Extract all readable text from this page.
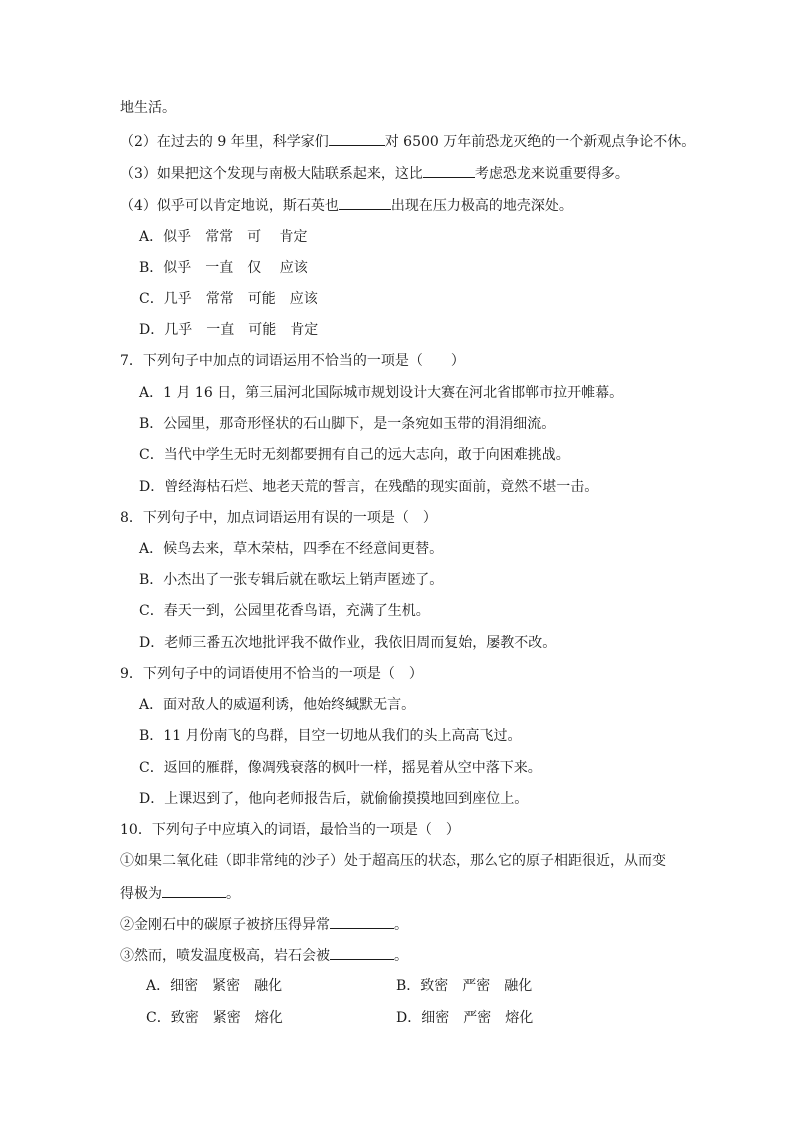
地生活。
（2）在过去的 9 年里，科学家们	对 6500 万年前恐龙灭绝的一个新观点争论不休。
（3）如果把这个发现与南极大陆联系起来，这比	考虑恐龙来说重要得多。
（4）似乎可以肯定地说，斯石英也	出现在压力极高的地壳深处。
A．似乎　常常　可　 肯定
B．似乎　一直　仅　 应该
C．几乎　常常　可能　应该
D．几乎　一直　可能　肯定
7．下列句子中加点的词语运用不恰当的一项是（　　）
A．1 月 16 日，第三届河北国际城市规划设计大赛在河北省邯郸市拉开帷幕。
B．公园里，那奇形怪状的石山脚下，是一条宛如玉带的涓涓细流。
C．当代中学生无时无刻都要拥有自己的远大志向，敢于向困难挑战。
D．曾经海枯石烂、地老天荒的誓言，在残酷的现实面前，竟然不堪一击。
8．下列句子中，加点词语运用有误的一项是（　）
A．候鸟去来，草木荣枯，四季在不经意间更替。
B．小杰出了一张专辑后就在歌坛上销声匿迹了。
C．春天一到，公园里花香鸟语，充满了生机。
D．老师三番五次地批评我不做作业，我依旧周而复始，屡教不改。
9．下列句子中的词语使用不恰当的一项是（　）
A．面对敌人的威逼利诱，他始终缄默无言。
B．11 月份南飞的鸟群，目空一切地从我们的头上高高飞过。
C．返回的雁群，像凋残衰落的枫叶一样，摇晃着从空中落下来。
D．上课迟到了，他向老师报告后，就偷偷摸摸地回到座位上。
10．下列句子中应填入的词语，最恰当的一项是（　）
①如果二氧化硅（即非常纯的沙子）处于超高压的状态，那么它的原子相距很近，从而变
得极为	。
②金刚石中的碳原子被挤压得异常	。
③然而，喷发温度极高，岩石会被	。
A．细密　紧密　融化	B．致密　严密　融化
C．致密　紧密　熔化	D．细密　严密　熔化
